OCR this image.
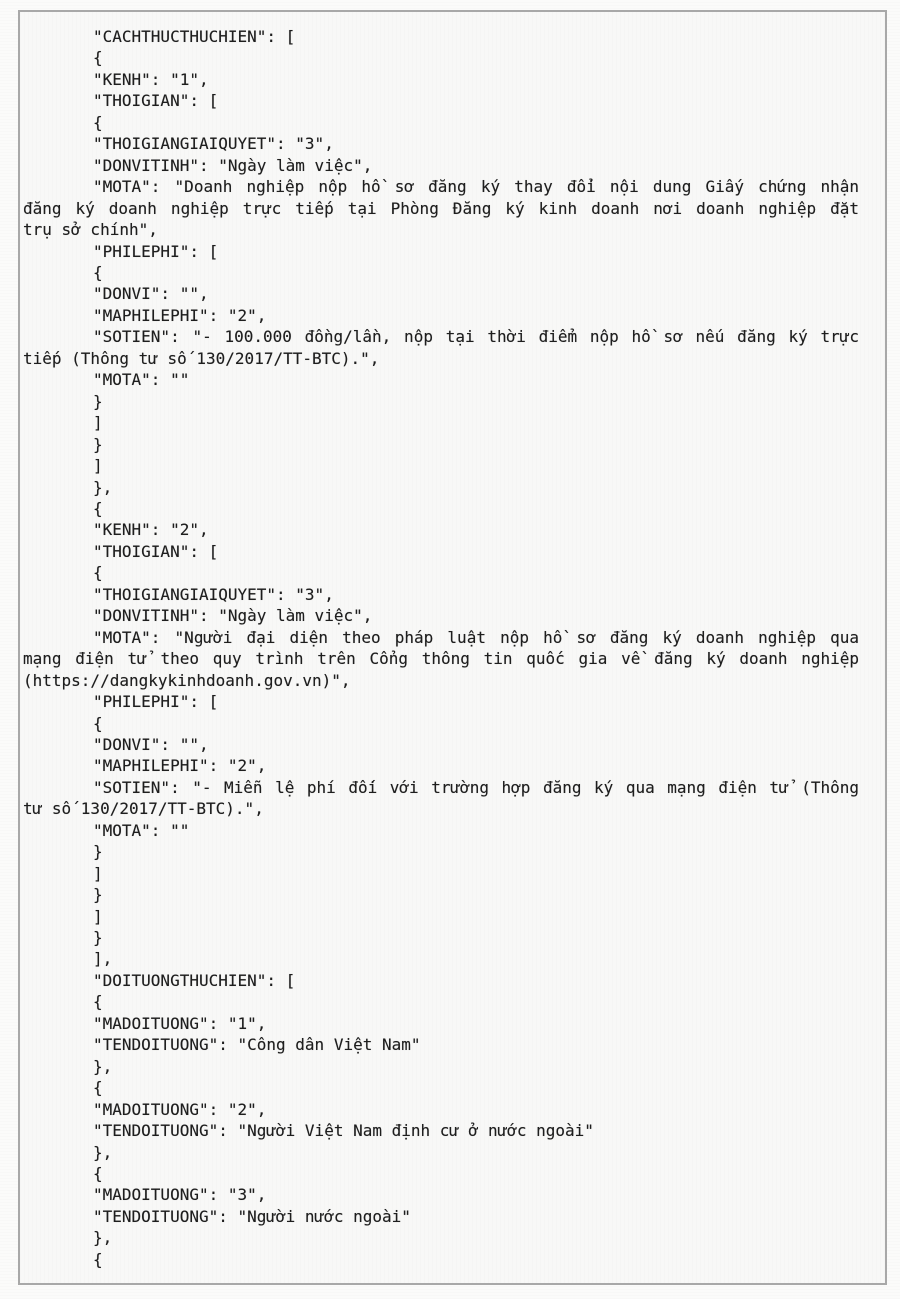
"CACHTHUCTHUCHIEN": [
{
"KENH": "1",
"THOIGIAN": [
{
"THOIGIANGIAIQUYET": "3",
"DONVITINH": "Ngày làm việc",
"MOTA": "Doanh nghiệp nộp hồ sơ đăng ký thay đổi nội dung Giấy chứng nhận
đăng ký doanh nghiệp trực tiếp tại Phòng Đăng ký kinh doanh nơi doanh nghiệp đặt
trụ sở chính",
"PHILEPHI": [
{
"DONVI": "",
"MAPHILEPHI": "2",
"SOTIEN": "- 100.000 đồng/lần, nộp tại thời điểm nộp hồ sơ nếu đăng ký trực
tiếp (Thông tư số 130/2017/TT-BTC).",
"MOTA": ""
}
]
}
]
},
{
"KENH": "2",
"THOIGIAN": [
{
"THOIGIANGIAIQUYET": "3",
"DONVITINH": "Ngày làm việc",
"MOTA": "Người đại diện theo pháp luật nộp hồ sơ đăng ký doanh nghiệp qua
mạng điện tử theo quy trình trên Cổng thông tin quốc gia về đăng ký doanh nghiệp
(https://dangkykinhdoanh.gov.vn)",
"PHILEPHI": [
{
"DONVI": "",
"MAPHILEPHI": "2",
"SOTIEN": "- Miễn lệ phí đối với trường hợp đăng ký qua mạng điện tử (Thông
tư số 130/2017/TT-BTC).",
"MOTA": ""
}
]
}
]
}
],
"DOITUONGTHUCHIEN": [
{
"MADOITUONG": "1",
"TENDOITUONG": "Công dân Việt Nam"
},
{
"MADOITUONG": "2",
"TENDOITUONG": "Người Việt Nam định cư ở nước ngoài"
},
{
"MADOITUONG": "3",
"TENDOITUONG": "Người nước ngoài"
},
{
